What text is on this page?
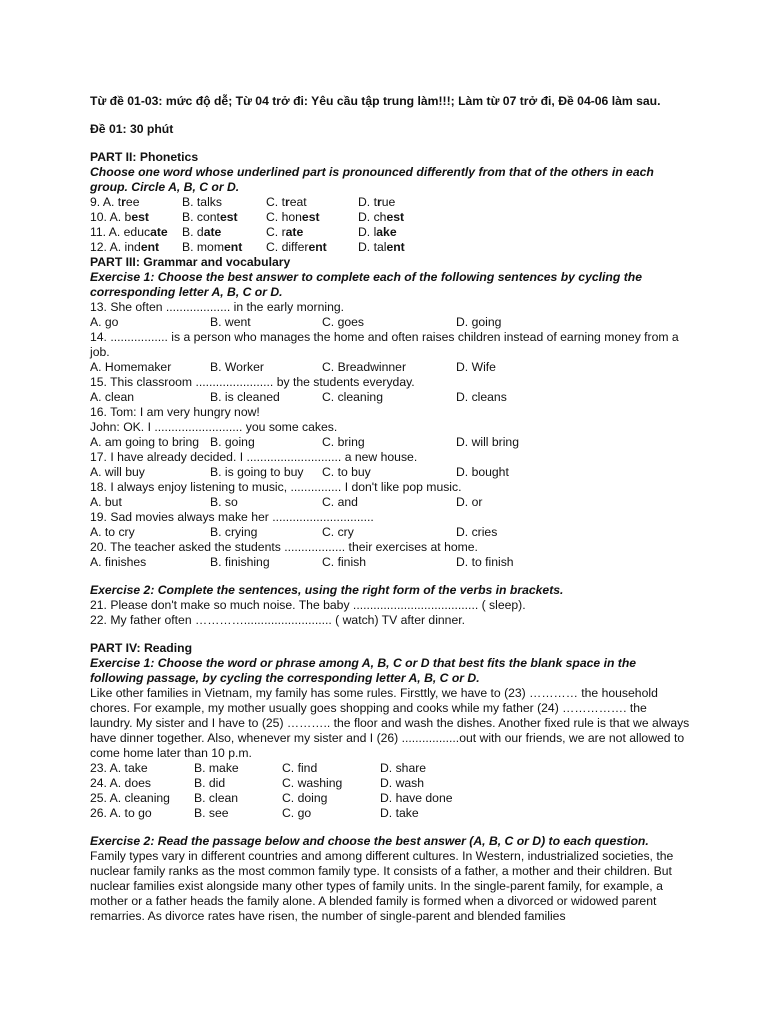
Từ đề 01-03: mức độ dễ; Từ 04 trở đi: Yêu cầu tập trung làm!!!; Làm từ 07 trở đi, Đề 04-06 làm sau.
Đề 01: 30 phút
PART II: Phonetics
Choose one word whose underlined part is pronounced differently from that of the others in each group. Circle A, B, C or D.
9. A. tree	B. talks	C. treat	D. true
10. A. best	B. contest C. honest	D. chest
11. A. educate B. date	C. rate	D. lake
12. A. indent B. moment C. different	D. talent
PART III: Grammar and vocabulary
Exercise 1: Choose the best answer to complete each of the following sentences by cycling the corresponding letter A, B, C or D.
13. She often ................... in the early morning.
A. go	B. went	C. goes	D. going
14. ................. is a person who manages the home and often raises children instead of earning money from a job.
A. Homemaker	B. Worker	C. Breadwinner	D. Wife
15. This classroom ....................... by the students everyday.
A. clean	B. is cleaned	C. cleaning	D. cleans
16. Tom: I am very hungry now!
John: OK. I .......................... you some cakes.
A. am going to bring B. going	C. bring	D. will bring
17. I have already decided. I ............................ a new house.
A. will buy	B. is going to buy C. to buy	D. bought
18. I always enjoy listening to music, ............... I don't like pop music.
A. but	B. so	C. and	D. or
19. Sad movies always make her ..............................
A. to cry	B. crying	C. cry	D. cries
20. The teacher asked the students .................. their exercises at home.
A. finishes	B. finishing	C. finish	D. to finish
Exercise 2: Complete the sentences, using the right form of the verbs in brackets.
21. Please don't make so much noise. The baby ..................................... ( sleep).
22. My father often ………….......................... ( watch) TV after dinner.
PART IV: Reading
Exercise 1: Choose the word or phrase among A, B, C or D that best fits the blank space in the following passage, by cycling the corresponding letter A, B, C or D.
Like other families in Vietnam, my family has some rules. Firsttly, we have to (23) ………… the household chores. For example, my mother usually goes shopping and cooks while my father (24) ……………. the laundry. My sister and I have to (25) ……….. the floor and wash the dishes. Another fixed rule is that we always have dinner together. Also, whenever my sister and I (26) .................out with our friends, we are not allowed to come home later than 10 p.m.
23. A. take	B. make	C. find	D. share
24. A. does	B. did	C. washing	D. wash
25. A. cleaning B. clean	C. doing	D. have done
26. A. to go	B. see	C. go	D. take
Exercise 2: Read the passage below and choose the best answer (A, B, C or D) to each question.
Family types vary in different countries and among different cultures. In Western, industrialized societies, the nuclear family ranks as the most common family type. It consists of a father, a mother and their children. But nuclear families exist alongside many other types of family units. In the single-parent family, for example, a mother or a father heads the family alone. A blended family is formed when a divorced or widowed parent remarries. As divorce rates have risen, the number of single-parent and blended families
